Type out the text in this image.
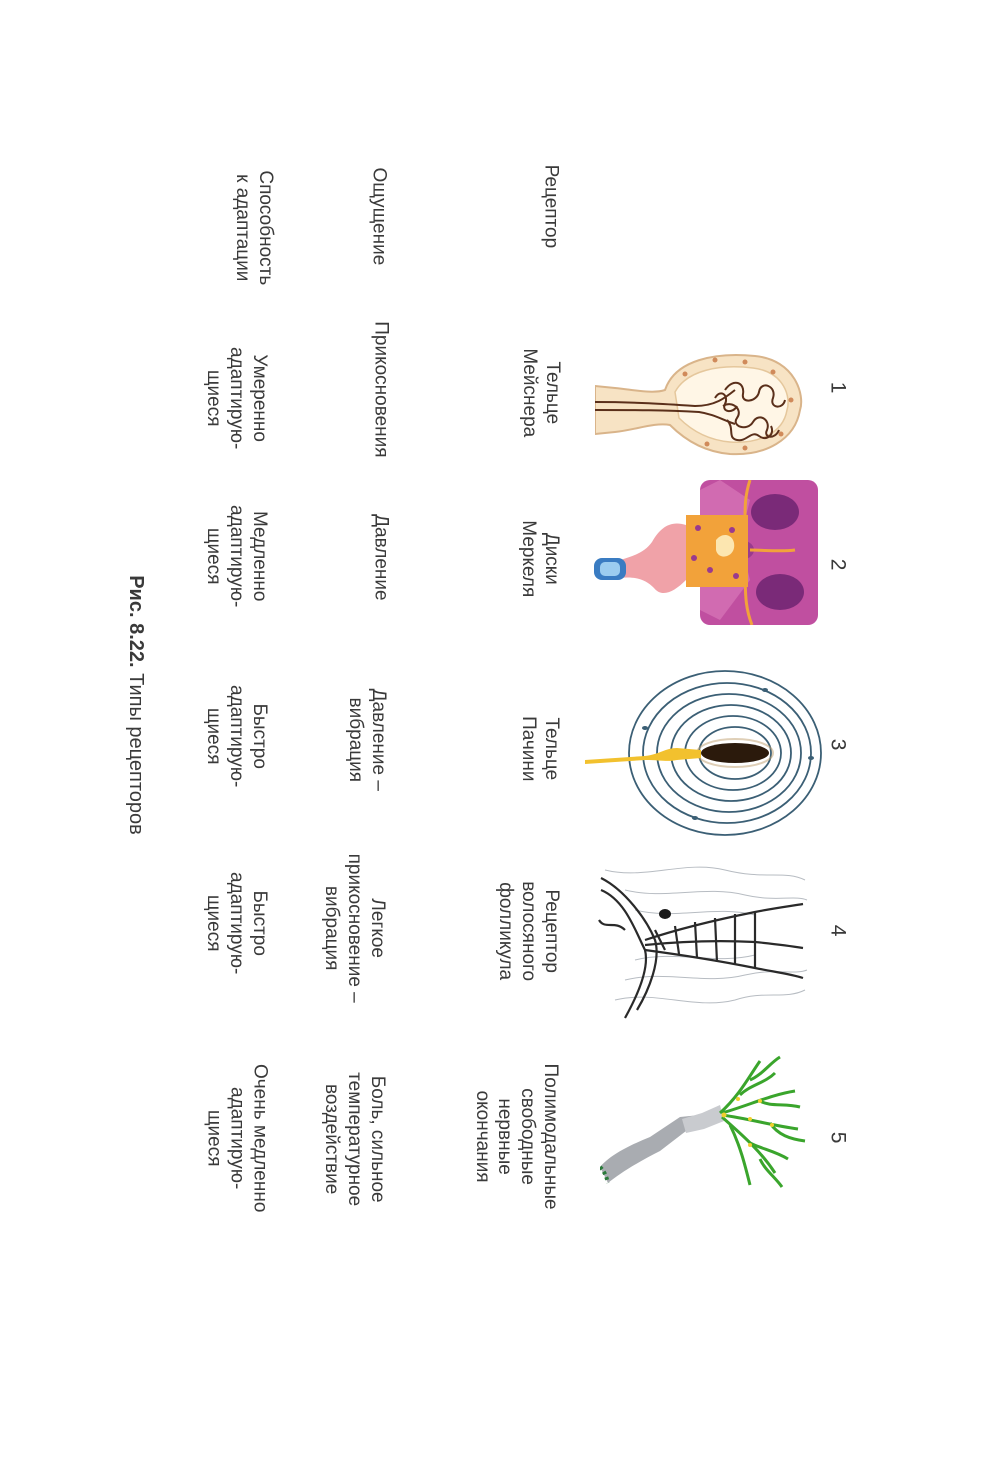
Рецептор
Ощущение
Способность
к адаптации
1
2
3
4
5
Тельце
Мейснера
Прикосновения
Умеренно
адаптирую-
щиеся
Диски
Меркеля
Давление
Медленно
адаптирую-
щиеся
Тельце
Пачини
Давление –
вибрация
Быстро
адаптирую-
щиеся
Рецептор
волосяного
фолликула
Легкое
прикосновение –
вибрация
Быстро
адаптирую-
щиеся
Полимодальные
свободные
нервные
окончания
Боль, сильное
температурное
воздействие
Очень медленно
адаптирую-
щиеся
Рис. 8.22. Типы рецепторов
